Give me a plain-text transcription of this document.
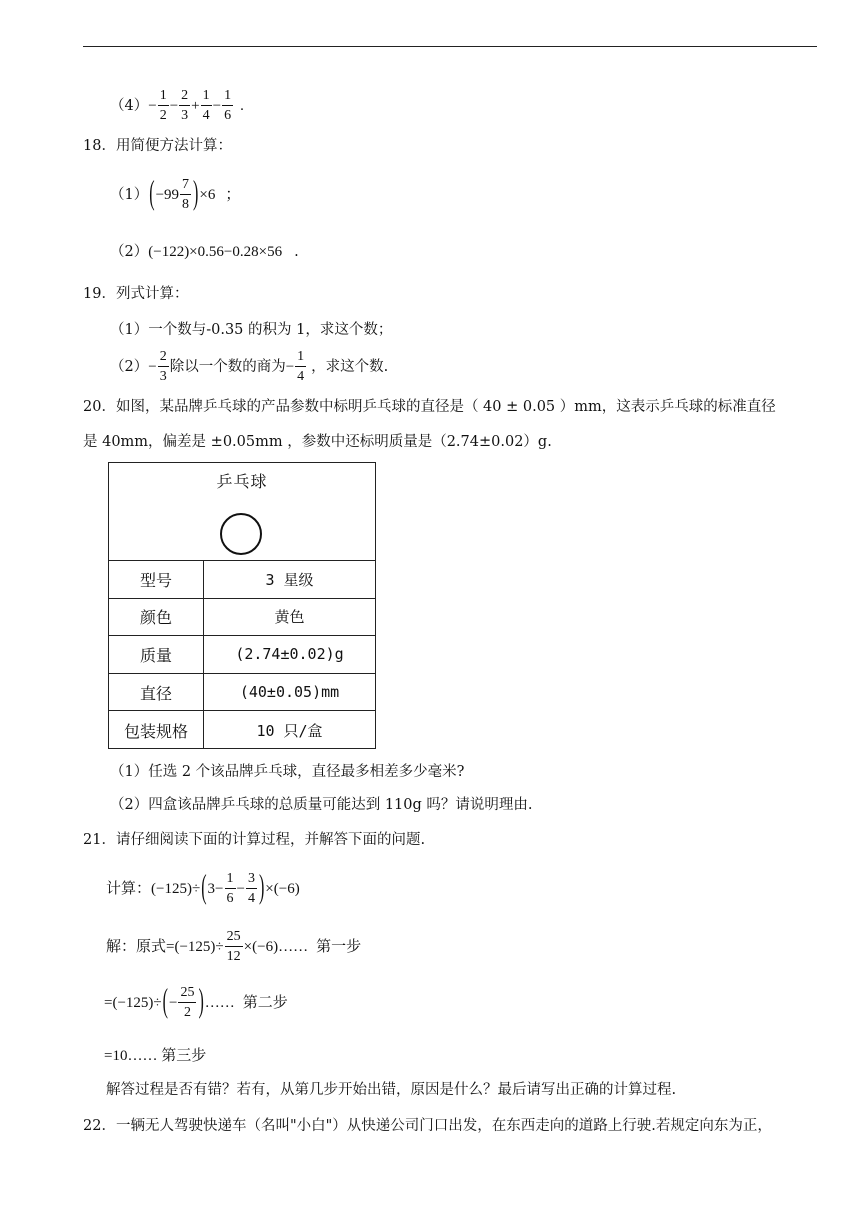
$(4) - \frac{1}{2} - \frac{2}{3} + \frac{1}{4} - \frac{1}{6}$ .
18．用简便方法计算：
（1） ( $-99 \frac{7}{8}$ ) ×6 ；
（2） (−122)×0.56−0.28×56 .
19．列式计算：
（1）一个数与-0.35 的积为 1，求这个数；
$(2) - \frac{2}{3}$ 除以一个数的商为 − $\frac{1}{4}$ ，求这个数.
20．如图，某品牌乒乓球的产品参数中标明乒乓球的直径是（ 40 ± 0.05 ）mm，这表示乒乓球的标准直径
是 40mm，偏差是 ±0.05mm ，参数中还标明质量是（2.74±0.02）g.
乒乓球
型号	3 星级
颜色	黄色
质量	(2.74±0.02)g
直径	(40±0.05)mm
包装规格	10 只/盒
（1）任选 2 个该品牌乒乓球，直径最多相差多少毫米?
（2）四盒该品牌乒乓球的总质量可能达到 110g 吗？请说明理由.
21．请仔细阅读下面的计算过程，并解答下面的问题.
计算： (−125)÷ ( $3- \frac{1}{6} - \frac{3}{4}$ ) ×(−6)
解：原式 $=(-125)\div \frac{25}{12}$ ×(−6)…… 第一步
=(−125)÷ ( − $\frac{25}{2}$ ) …… 第二步
=10…… 第三步
解答过程是否有错？若有，从第几步开始出错，原因是什么？最后请写出正确的计算过程.
22．一辆无人驾驶快递车（名叫"小白"）从快递公司门口出发，在东西走向的道路上行驶.若规定向东为正，
